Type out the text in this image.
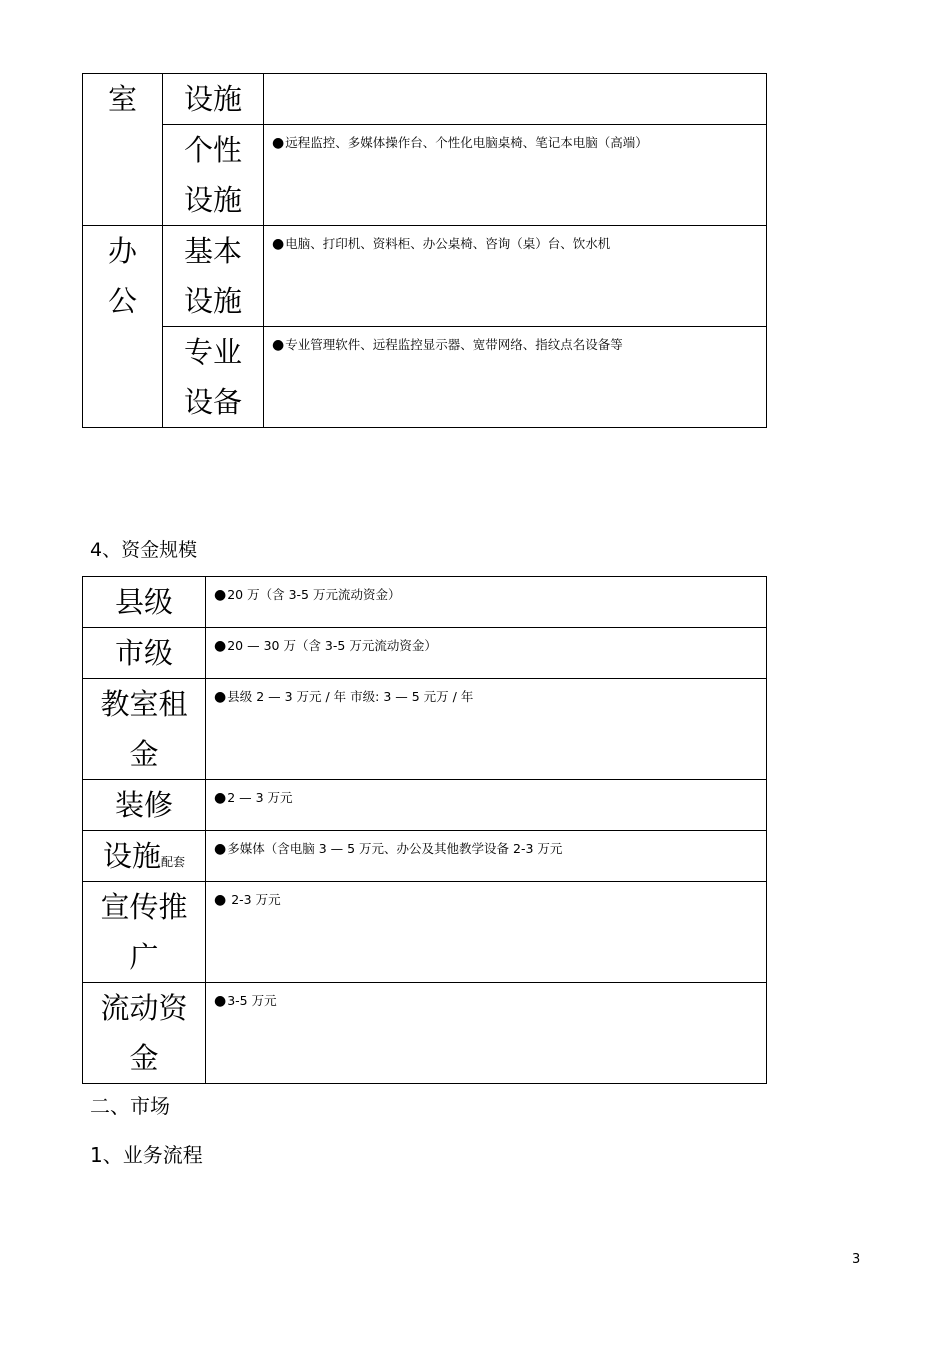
室	设施	

	个性设施	●远程监控、多媒体操作台、个性化电脑桌椅、笔记本电脑（高端）

办公	基本设施	●电脑、打印机、资料柜、办公桌椅、咨询（桌）台、饮水机

	专业设备	●专业管理软件、远程监控显示器、宽带网络、指纹点名设备等
4、资金规模
县级	●20 万（含 3-5 万元流动资金）
市级	●20 — 30 万（含 3-5 万元流动资金）

教室租金	●县级 2 — 3 万元 / 年 市级: 3 — 5 元万 / 年
装修	●2 — 3 万元
设施配套	●多媒体（含电脑 3 — 5 万元、办公及其他教学设备 2-3 万元

宣传推广	● 2-3 万元

流动资金	●3-5 万元
二、市场
1、业务流程
3
